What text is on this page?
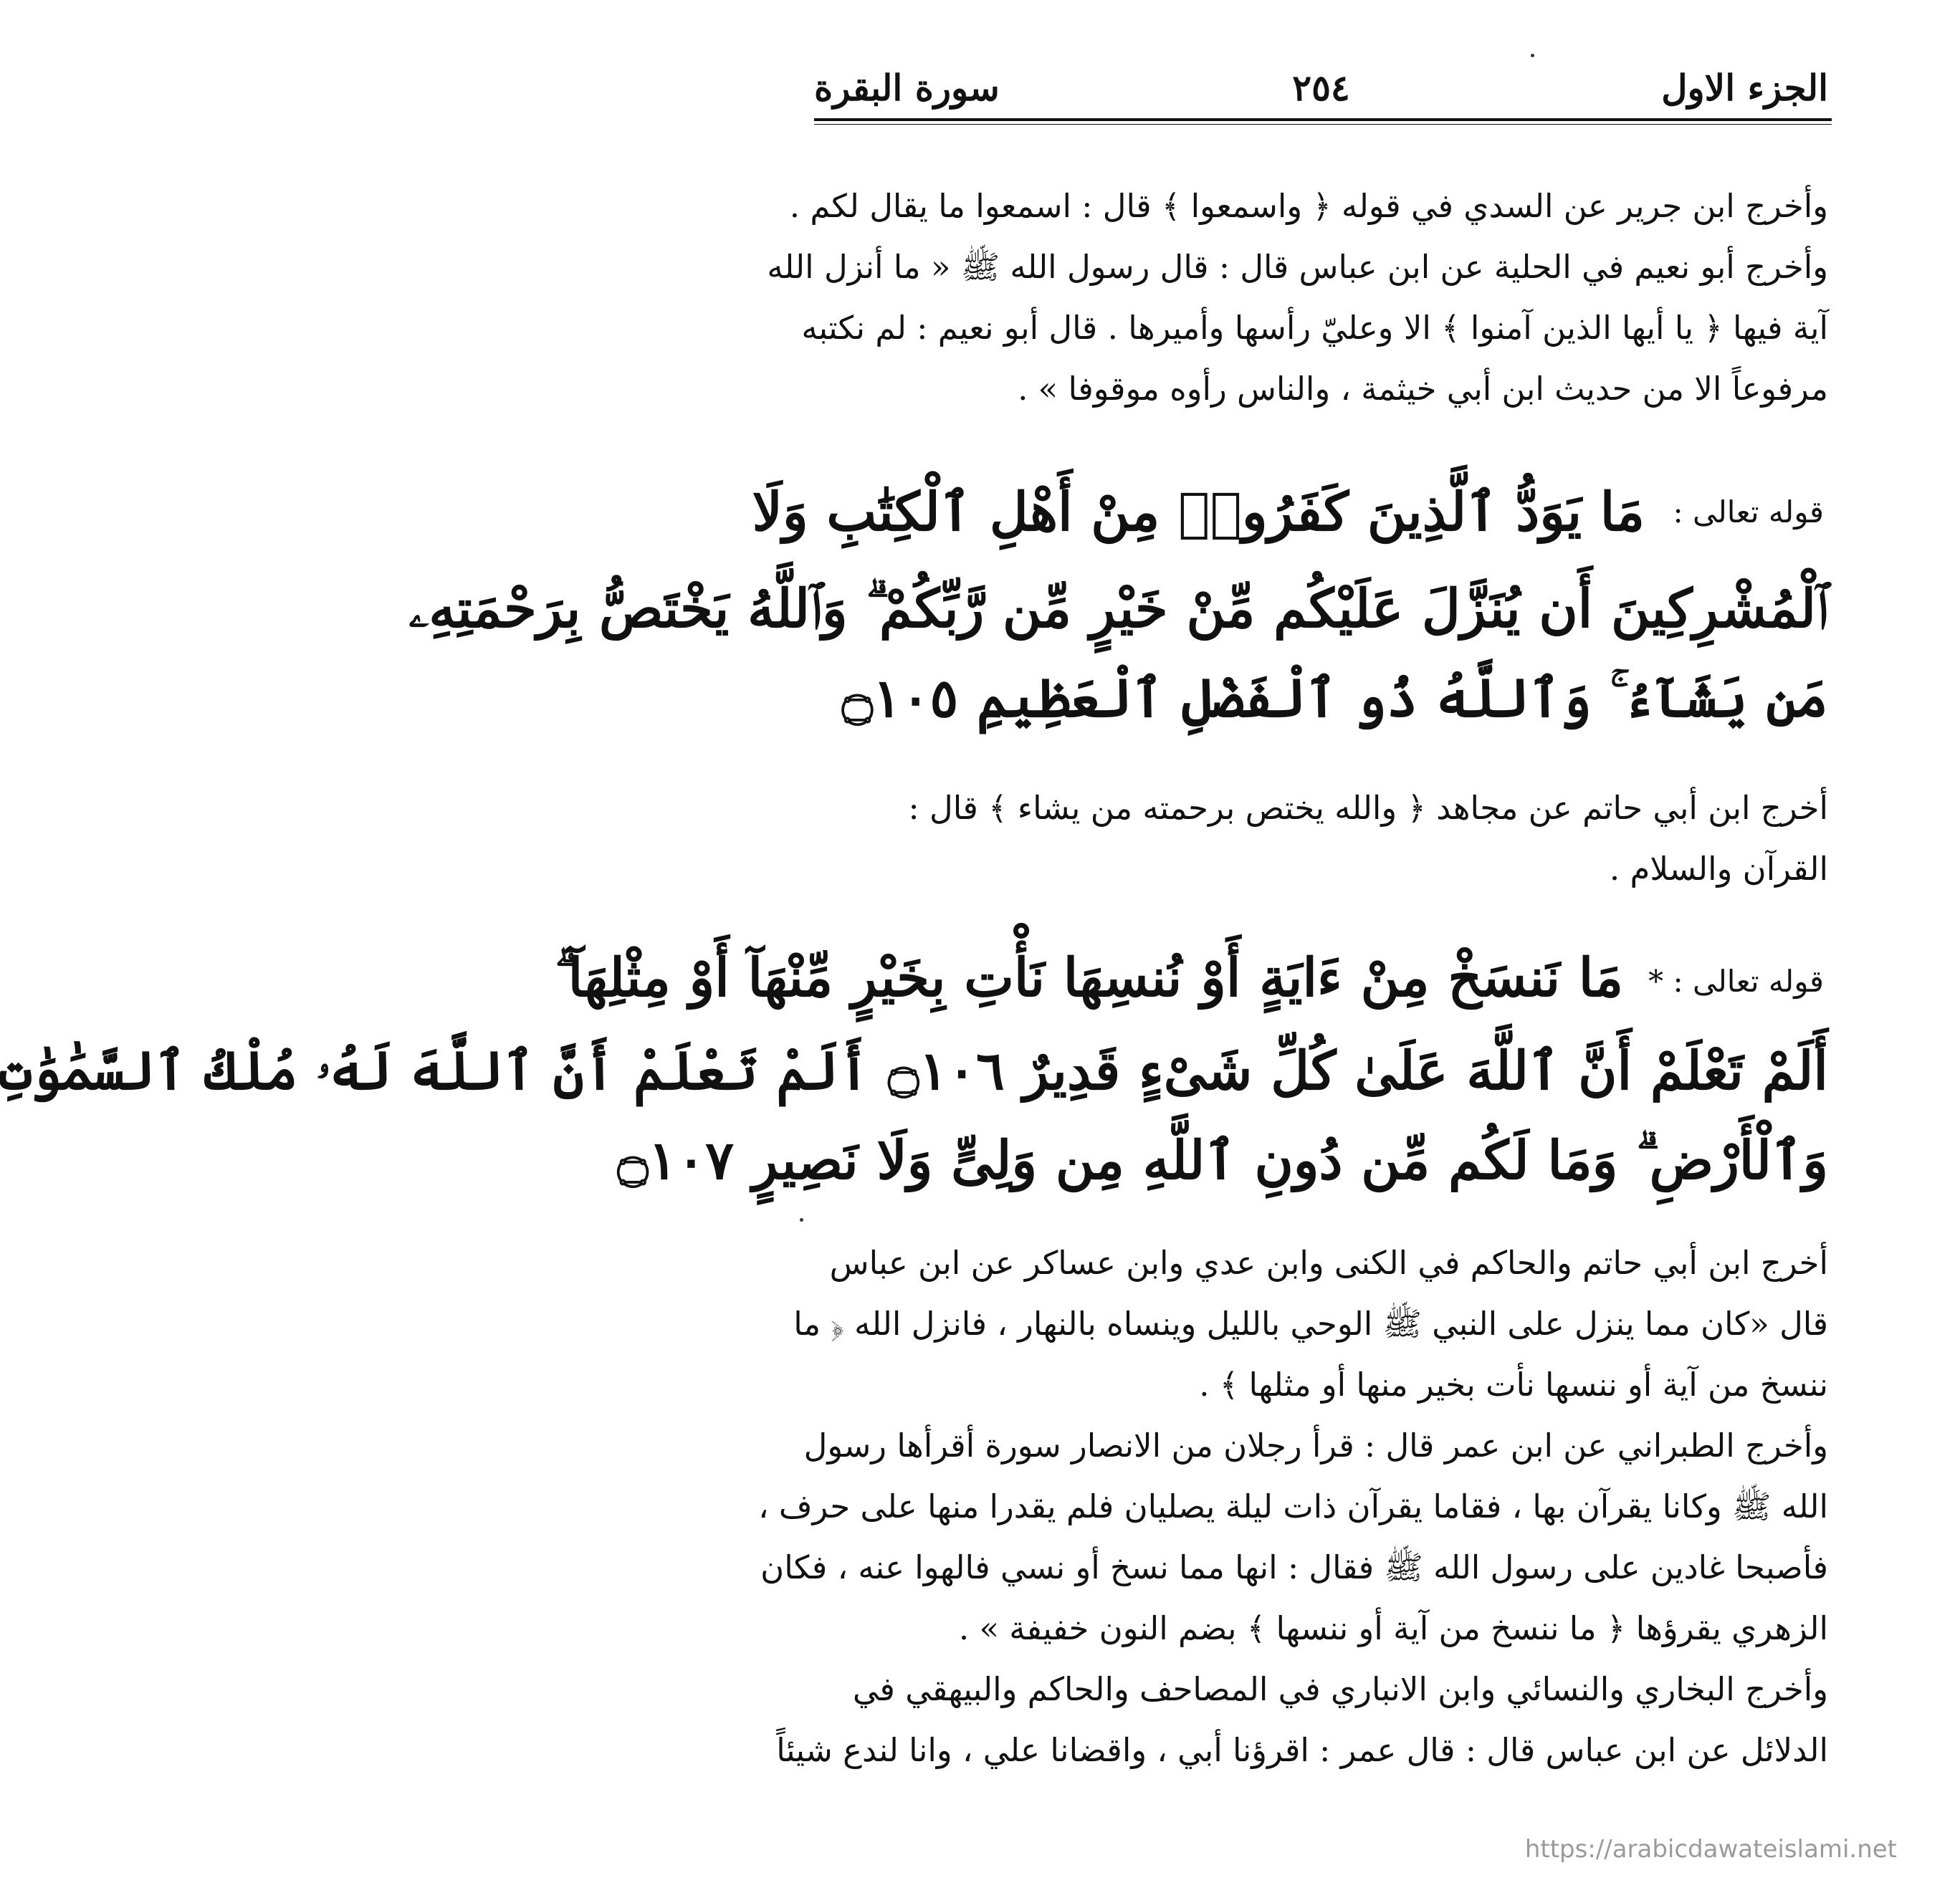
الجزء الاول
٢٥٤
سورة البقرة
وأخرج ابن جرير عن السدي في قوله ﴿ واسمعوا ﴾ قال : اسمعوا ما يقال لكم .
وأخرج أبو نعيم في الحلية عن ابن عباس قال : قال رسول الله ﷺ « ما أنزل الله
آية فيها ﴿ يا أيها الذين آمنوا ﴾ الا وعليّ رأسها وأميرها . قال أبو نعيم : لم نكتبه
مرفوعاً الا من حديث ابن أبي خيثمة ، والناس رأوه موقوفا » .
قوله تعالى :
مَا يَوَدُّ ٱلَّذِينَ كَفَرُوا۟ مِنْ أَهْلِ ٱلْكِتَٰبِ وَلَا
ٱلْمُشْرِكِينَ أَن يُنَزَّلَ عَلَيْكُم مِّنْ خَيْرٍ مِّن رَّبِّكُمْ ۗ وَٱللَّهُ يَخْتَصُّ بِرَحْمَتِهِۦ
مَن يَشَآءُ ۚ وَٱللَّهُ ذُو ٱلْفَضْلِ ٱلْعَظِيمِ ۝١٠٥
أخرج ابن أبي حاتم عن مجاهد ﴿ والله يختص برحمته من يشاء ﴾ قال :
القرآن والسلام .
قوله تعالى : *
مَا نَنسَخْ مِنْ ءَايَةٍ أَوْ نُنسِهَا نَأْتِ بِخَيْرٍ مِّنْهَآ أَوْ مِثْلِهَآ ۗ
أَلَمْ تَعْلَمْ أَنَّ ٱللَّهَ عَلَىٰ كُلِّ شَىْءٍ قَدِيرٌ ۝١٠٦ أَلَمْ تَعْلَمْ أَنَّ ٱللَّهَ لَهُۥ مُلْكُ ٱلسَّمَٰوَٰتِ
وَٱلْأَرْضِ ۗ وَمَا لَكُم مِّن دُونِ ٱللَّهِ مِن وَلِىٍّ وَلَا نَصِيرٍ ۝١٠٧
أخرج ابن أبي حاتم والحاكم في الكنى وابن عدي وابن عساكر عن ابن عباس
قال «كان مما ينزل على النبي ﷺ الوحي بالليل وينساه بالنهار ، فانزل الله ﴿ ما
ننسخ من آية أو ننسها نأت بخير منها أو مثلها ﴾ .
وأخرج الطبراني عن ابن عمر قال : قرأ رجلان من الانصار سورة أقرأها رسول
الله ﷺ وكانا يقرآن بها ، فقاما يقرآن ذات ليلة يصليان فلم يقدرا منها على حرف ،
فأصبحا غادين على رسول الله ﷺ فقال : انها مما نسخ أو نسي فالهوا عنه ، فكان
الزهري يقرؤها ﴿ ما ننسخ من آية أو ننسها ﴾ بضم النون خفيفة » .
وأخرج البخاري والنسائي وابن الانباري في المصاحف والحاكم والبيهقي في
الدلائل عن ابن عباس قال : قال عمر : اقرؤنا أبي ، واقضانا علي ، وانا لندع شيئاً
https://arabicdawateislami.net
